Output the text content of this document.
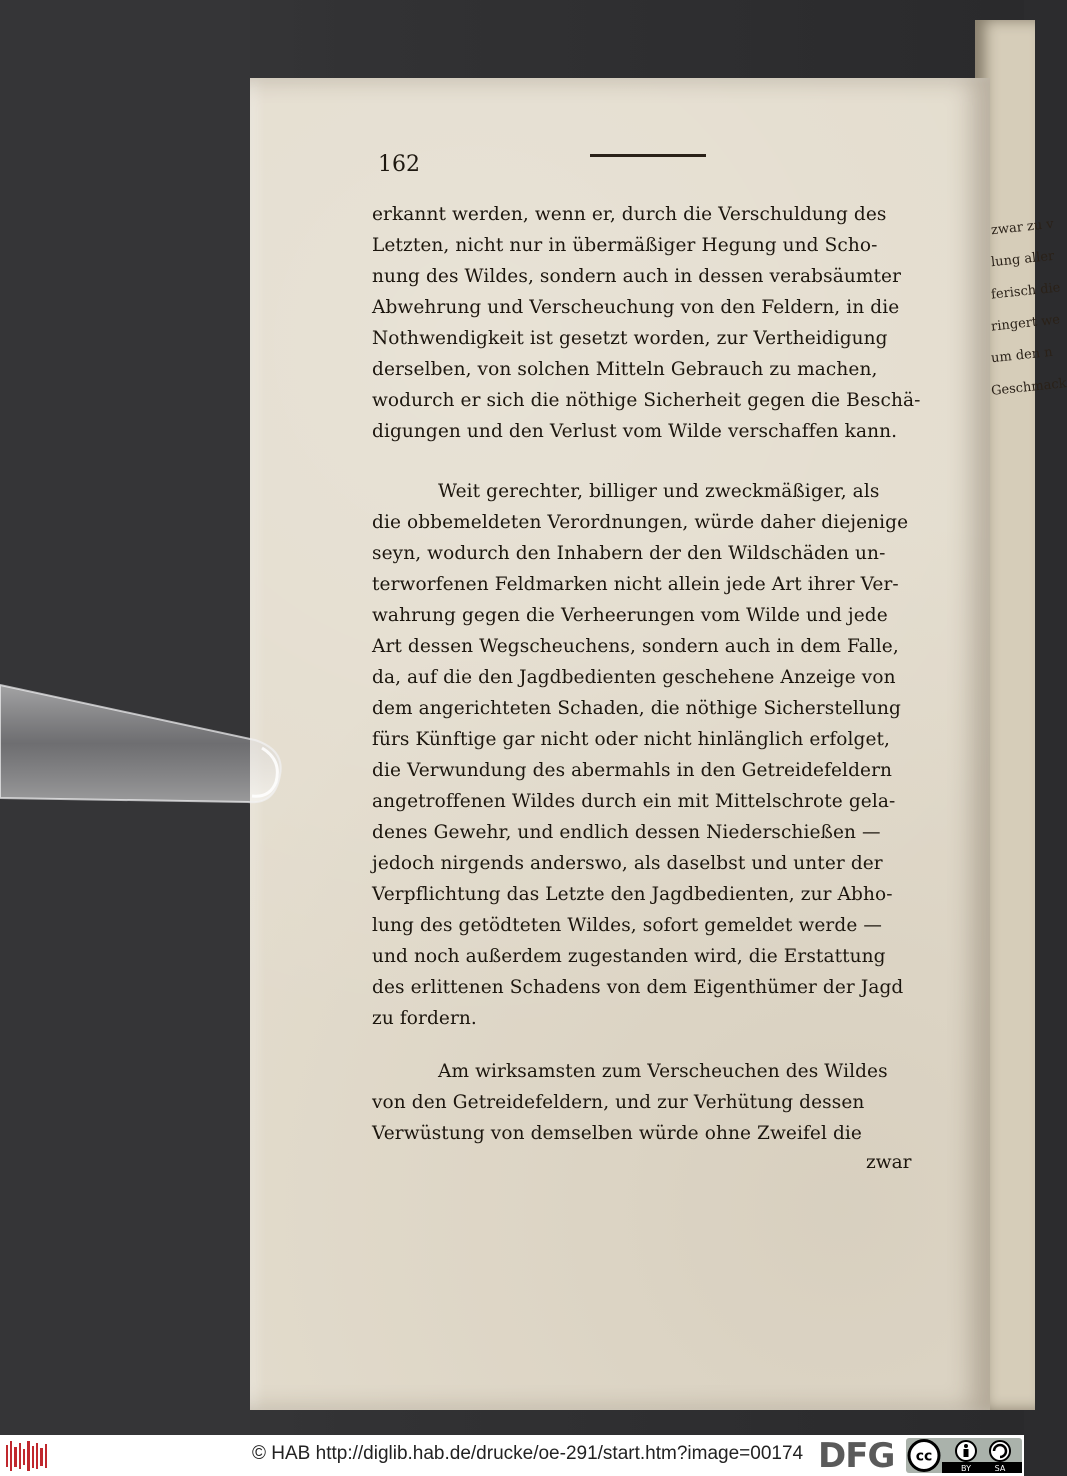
zwar zu v
lung aller
ferisch die
ringert we
um den n
Geschmack
162
erkannt werden, wenn er, durch die Verschuldung des
Letzten, nicht nur in übermäßiger Hegung und Scho-
nung des Wildes, sondern auch in dessen verabsäumter
Abwehrung und Verscheuchung von den Feldern, in die
Nothwendigkeit ist gesetzt worden, zur Vertheidigung
derselben, von solchen Mitteln Gebrauch zu machen,
wodurch er sich die nöthige Sicherheit gegen die Beschä-
digungen und den Verlust vom Wilde verschaffen kann.
Weit gerechter, billiger und zweckmäßiger, als
die obbemeldeten Verordnungen, würde daher diejenige
seyn, wodurch den Inhabern der den Wildschäden un-
terworfenen Feldmarken nicht allein jede Art ihrer Ver-
wahrung gegen die Verheerungen vom Wilde und jede
Art dessen Wegscheuchens, sondern auch in dem Falle,
da, auf die den Jagdbedienten geschehene Anzeige von
dem angerichteten Schaden, die nöthige Sicherstellung
fürs Künftige gar nicht oder nicht hinlänglich erfolget,
die Verwundung des abermahls in den Getreidefeldern
angetroffenen Wildes durch ein mit Mittelschrote gela-
denes Gewehr, und endlich dessen Niederschießen —
jedoch nirgends anderswo, als daselbst und unter der
Verpflichtung das Letzte den Jagdbedienten, zur Abho-
lung des getödteten Wildes, sofort gemeldet werde —
und noch außerdem zugestanden wird, die Erstattung
des erlittenen Schadens von dem Eigenthümer der Jagd
zu fordern.
Am wirksamsten zum Verscheuchen des Wildes
von den Getreidefeldern, und zur Verhütung dessen
Verwüstung von demselben würde ohne Zweifel die
zwar
© HAB http://diglib.hab.de/drucke/oe-291/start.htm?image=00174 DFG cc
BY	SA
